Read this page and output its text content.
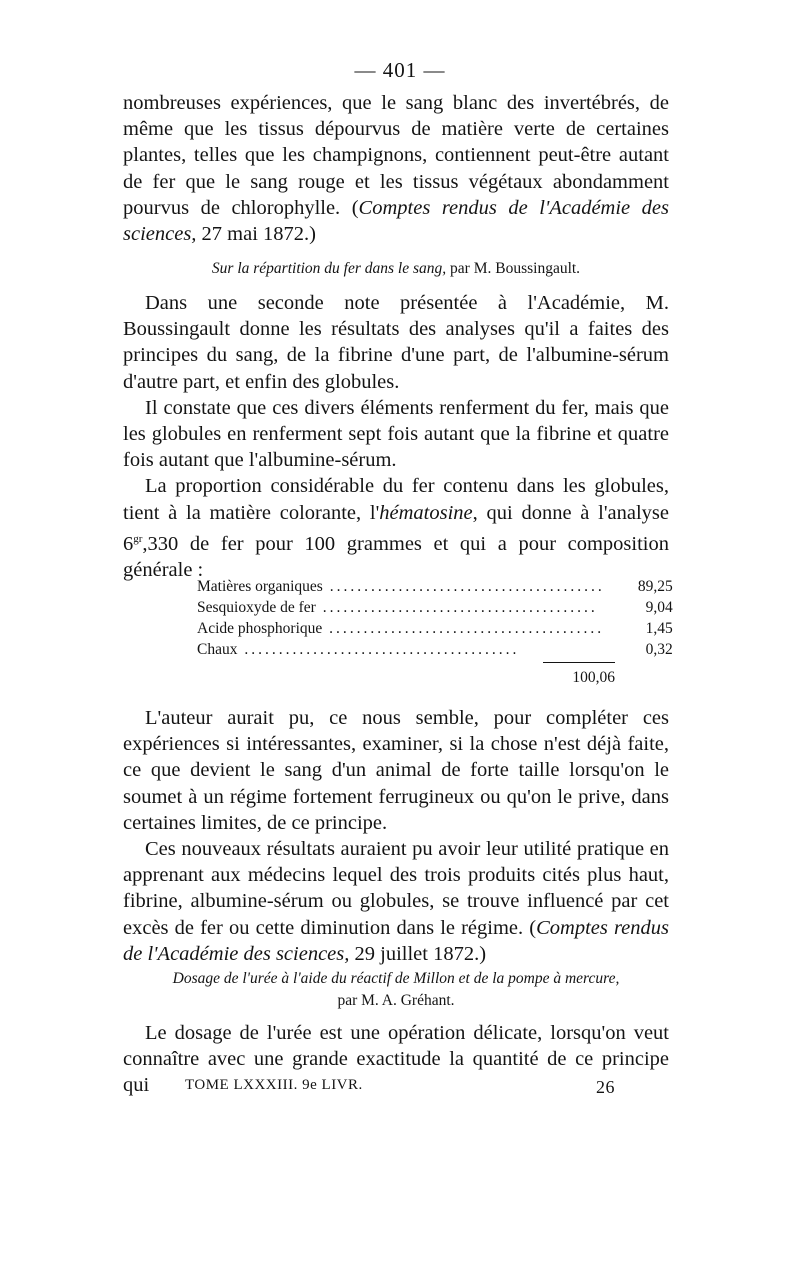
— 401 —

nombreuses expériences, que le sang blanc des invertébrés, de même que les tissus dépourvus de matière verte de certaines plantes, telles que les champignons, contiennent peut-être autant de fer que le sang rouge et les tissus végétaux abondamment pourvus de chlorophylle. (Comptes rendus de l'Académie des sciences, 27 mai 1872.)

Sur la répartition du fer dans le sang, par M. Boussingault.

Dans une seconde note présentée à l'Académie, M. Boussingault donne les résultats des analyses qu'il a faites des principes du sang, de la fibrine d'une part, de l'albumine-sérum d'autre part, et enfin des globules.

Il constate que ces divers éléments renferment du fer, mais que les globules en renferment sept fois autant que la fibrine et quatre fois autant que l'albumine-sérum.

La proportion considérable du fer contenu dans les globules, tient à la matière colorante, l'hématosine, qui donne à l'analyse $6^{gr},330$ de fer pour 100 grammes et qui a pour composition générale :

Matières organiques ........................................	89,25
Sesquioxyde de fer ........................................	9,04
Acide phosphorique ........................................	1,45
Chaux ........................................	0,32
100,06

L'auteur aurait pu, ce nous semble, pour compléter ces expériences si intéressantes, examiner, si la chose n'est déjà faite, ce que devient le sang d'un animal de forte taille lorsqu'on le soumet à un régime fortement ferrugineux ou qu'on le prive, dans certaines limites, de ce principe.

Ces nouveaux résultats auraient pu avoir leur utilité pratique en apprenant aux médecins lequel des trois produits cités plus haut, fibrine, albumine-sérum ou globules, se trouve influencé par cet excès de fer ou cette diminution dans le régime. (Comptes rendus de l'Académie des sciences, 29 juillet 1872.)

Dosage de l'urée à l'aide du réactif de Millon et de la pompe à mercure,

par M. A. Gréhant.

Le dosage de l'urée est une opération délicate, lorsqu'on veut connaître avec une grande exactitude la quantité de ce principe qui	TOME LXXXIII. 9e LIVR.	26
